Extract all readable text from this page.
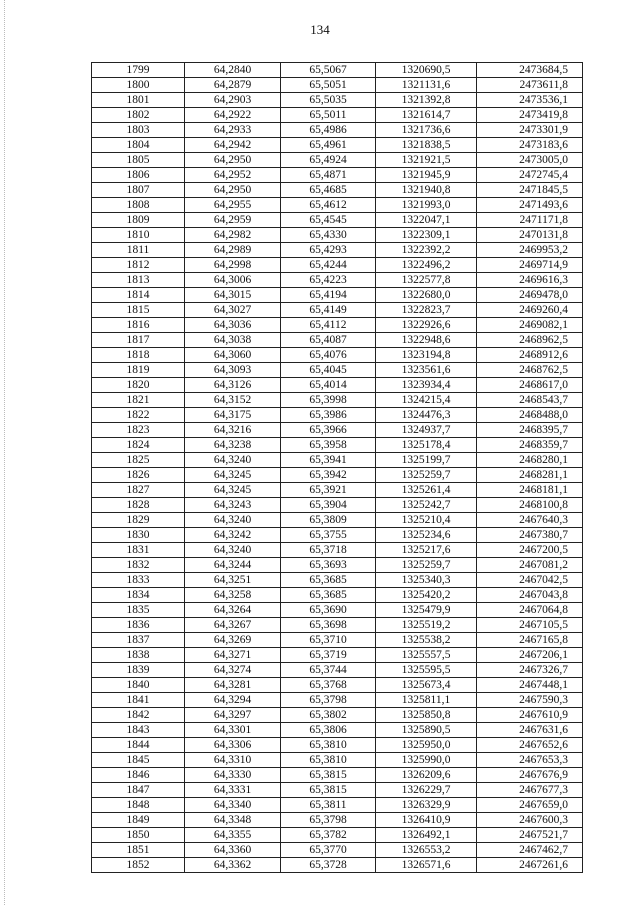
134
1799	64,2840	65,5067	1320690,5	2473684,5
1800	64,2879	65,5051	1321131,6	2473611,8
1801	64,2903	65,5035	1321392,8	2473536,1
1802	64,2922	65,5011	1321614,7	2473419,8
1803	64,2933	65,4986	1321736,6	2473301,9
1804	64,2942	65,4961	1321838,5	2473183,6
1805	64,2950	65,4924	1321921,5	2473005,0
1806	64,2952	65,4871	1321945,9	2472745,4
1807	64,2950	65,4685	1321940,8	2471845,5
1808	64,2955	65,4612	1321993,0	2471493,6
1809	64,2959	65,4545	1322047,1	2471171,8
1810	64,2982	65,4330	1322309,1	2470131,8
1811	64,2989	65,4293	1322392,2	2469953,2
1812	64,2998	65,4244	1322496,2	2469714,9
1813	64,3006	65,4223	1322577,8	2469616,3
1814	64,3015	65,4194	1322680,0	2469478,0
1815	64,3027	65,4149	1322823,7	2469260,4
1816	64,3036	65,4112	1322926,6	2469082,1
1817	64,3038	65,4087	1322948,6	2468962,5
1818	64,3060	65,4076	1323194,8	2468912,6
1819	64,3093	65,4045	1323561,6	2468762,5
1820	64,3126	65,4014	1323934,4	2468617,0
1821	64,3152	65,3998	1324215,4	2468543,7
1822	64,3175	65,3986	1324476,3	2468488,0
1823	64,3216	65,3966	1324937,7	2468395,7
1824	64,3238	65,3958	1325178,4	2468359,7
1825	64,3240	65,3941	1325199,7	2468280,1
1826	64,3245	65,3942	1325259,7	2468281,1
1827	64,3245	65,3921	1325261,4	2468181,1
1828	64,3243	65,3904	1325242,7	2468100,8
1829	64,3240	65,3809	1325210,4	2467640,3
1830	64,3242	65,3755	1325234,6	2467380,7
1831	64,3240	65,3718	1325217,6	2467200,5
1832	64,3244	65,3693	1325259,7	2467081,2
1833	64,3251	65,3685	1325340,3	2467042,5
1834	64,3258	65,3685	1325420,2	2467043,8
1835	64,3264	65,3690	1325479,9	2467064,8
1836	64,3267	65,3698	1325519,2	2467105,5
1837	64,3269	65,3710	1325538,2	2467165,8
1838	64,3271	65,3719	1325557,5	2467206,1
1839	64,3274	65,3744	1325595,5	2467326,7
1840	64,3281	65,3768	1325673,4	2467448,1
1841	64,3294	65,3798	1325811,1	2467590,3
1842	64,3297	65,3802	1325850,8	2467610,9
1843	64,3301	65,3806	1325890,5	2467631,6
1844	64,3306	65,3810	1325950,0	2467652,6
1845	64,3310	65,3810	1325990,0	2467653,3
1846	64,3330	65,3815	1326209,6	2467676,9
1847	64,3331	65,3815	1326229,7	2467677,3
1848	64,3340	65,3811	1326329,9	2467659,0
1849	64,3348	65,3798	1326410,9	2467600,3
1850	64,3355	65,3782	1326492,1	2467521,7
1851	64,3360	65,3770	1326553,2	2467462,7
1852	64,3362	65,3728	1326571,6	2467261,6
